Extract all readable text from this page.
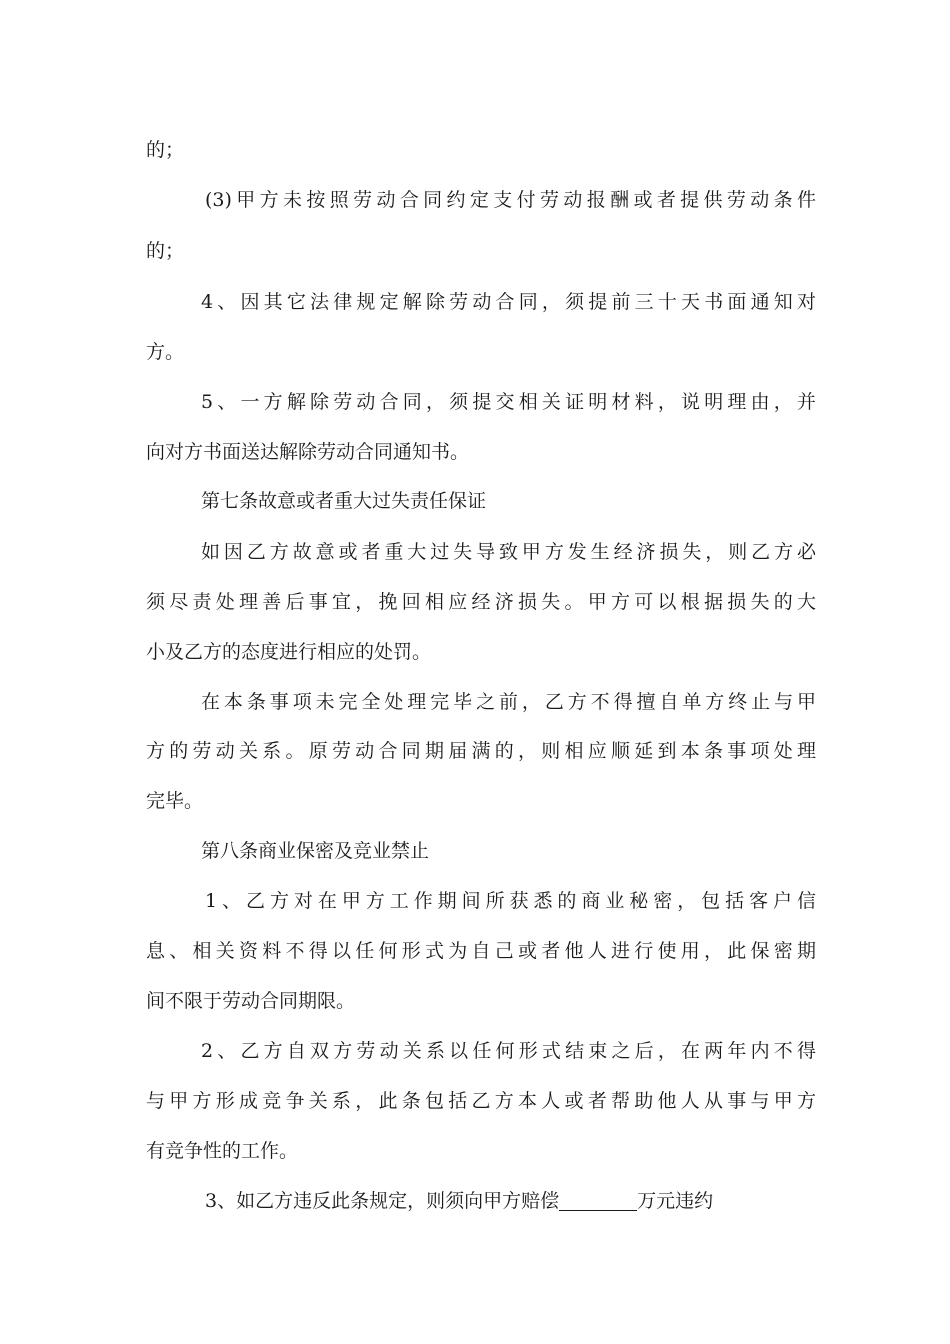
的；
(3)甲方未按照劳动合同约定支付劳动报酬或者提供劳动条件
的；
4、因其它法律规定解除劳动合同，须提前三十天书面通知对
方。
5、一方解除劳动合同，须提交相关证明材料，说明理由，并
向对方书面送达解除劳动合同通知书。
第七条故意或者重大过失责任保证
如因乙方故意或者重大过失导致甲方发生经济损失，则乙方必
须尽责处理善后事宜，挽回相应经济损失。甲方可以根据损失的大
小及乙方的态度进行相应的处罚。
在本条事项未完全处理完毕之前，乙方不得擅自单方终止与甲
方的劳动关系。原劳动合同期届满的，则相应顺延到本条事项处理
完毕。
第八条商业保密及竞业禁止
1、乙方对在甲方工作期间所获悉的商业秘密，包括客户信
息、相关资料不得以任何形式为自己或者他人进行使用，此保密期
间不限于劳动合同期限。
2、乙方自双方劳动关系以任何形式结束之后，在两年内不得
与甲方形成竞争关系，此条包括乙方本人或者帮助他人从事与甲方
有竞争性的工作。
3、如乙方违反此条规定，则须向甲方赔偿	万元违约
